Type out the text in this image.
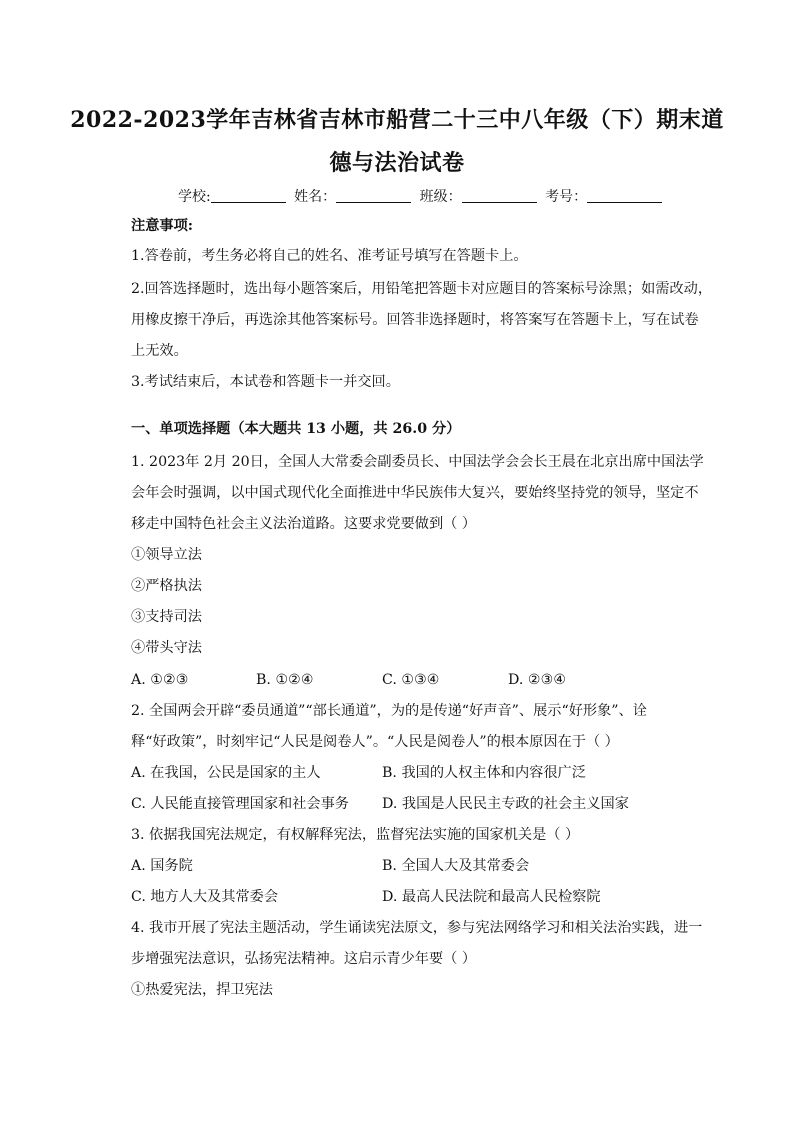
2022-2023学年吉林省吉林市船营二十三中八年级（下）期末道
德与法治试卷
学校:	姓名：	班级：	考号：
注意事项:
1.答卷前，考生务必将自己的姓名、准考证号填写在答题卡上。
2.回答选择题时，选出每小题答案后，用铅笔把答题卡对应题目的答案标号涂黑；如需改动，
用橡皮擦干净后，再选涂其他答案标号。回答非选择题时，将答案写在答题卡上，写在试卷
上无效。
3.考试结束后，本试卷和答题卡一并交回。
一、单项选择题（本大题共 13 小题，共 26.0 分）
1. 2023年 2月 20日，全国人大常委会副委员长、中国法学会会长王晨在北京出席中国法学
会年会时强调，以中国式现代化全面推进中华民族伟大复兴，要始终坚持党的领导，坚定不
移走中国特色社会主义法治道路。这要求党要做到（ ）
①领导立法
②严格执法
③支持司法
④带头守法
A. ①②③	B. ①②④	C. ①③④	D. ②③④
2. 全国两会开辟“委员通道”“部长通道”，为的是传递“好声音”、展示“好形象”、诠
释“好政策”，时刻牢记“人民是阅卷人”。“人民是阅卷人”的根本原因在于（ ）
A. 在我国，公民是国家的主人	B. 我国的人权主体和内容很广泛
C. 人民能直接管理国家和社会事务 D. 我国是人民民主专政的社会主义国家
3. 依据我国宪法规定，有权解释宪法，监督宪法实施的国家机关是（ ）
A. 国务院	B. 全国人大及其常委会
C. 地方人大及其常委会	D. 最高人民法院和最高人民检察院
4. 我市开展了宪法主题活动，学生诵读宪法原文，参与宪法网络学习和相关法治实践，进一
步增强宪法意识，弘扬宪法精神。这启示青少年要（ ）
①热爱宪法，捍卫宪法
